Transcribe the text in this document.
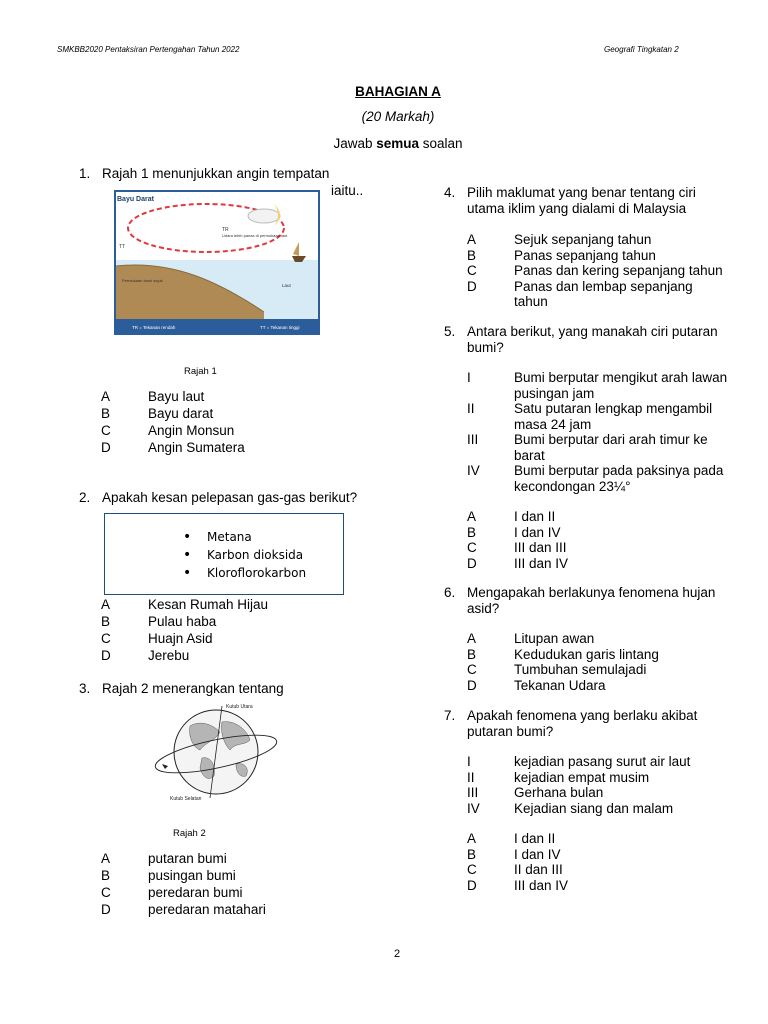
SMKBB2020 Pentaksiran Pertengahan Tahun 2022	Geografi Tingkatan 2
BAHAGIAN A
(20 Markah)
Jawab semua soalan
1. Rajah 1 menunjukkan angin tempatan
iaitu..
Bayu Darat
TR
Udara lebih panas di permukaan laut
TT
Permukaan bumi sejuk
Laut
TR = Tekanan rendah	TT = Tekanan tinggi
Rajah 1
A	Bayu laut
B	Bayu darat
C	Angin Monsun
D	Angin Sumatera
2. Apakah kesan pelepasan gas-gas berikut?
• Metana
• Karbon dioksida
• Kloroflorokarbon
A	Kesan Rumah Hijau
B	Pulau haba
C	Huajn Asid
D	Jerebu
3. Rajah 2 menerangkan tentang
Kutub Utara
Kutub Selatan
Rajah 2
A	putaran bumi
B	pusingan bumi
C	peredaran bumi
D	peredaran matahari
4. Pilih maklumat yang benar tentang ciri
utama iklim yang dialami di Malaysia
A	Sejuk sepanjang tahun
B	Panas sepanjang tahun
C	Panas dan kering sepanjang tahun
D	Panas dan lembap sepanjang
tahun
5. Antara berikut, yang manakah ciri putaran
bumi?
I	Bumi berputar mengikut arah lawan
pusingan jam
II	Satu putaran lengkap mengambil
masa 24 jam
III	Bumi berputar dari arah timur ke
barat
IV	Bumi berputar pada paksinya pada
kecondongan 23¼°
A	I dan II
B	I dan IV
C	III dan III
D	III dan IV
6. Mengapakah berlakunya fenomena hujan
asid?
A	Litupan awan
B	Kedudukan garis lintang
C	Tumbuhan semulajadi
D	Tekanan Udara
7. Apakah fenomena yang berlaku akibat
putaran bumi?
I	kejadian pasang surut air laut
II	kejadian empat musim
III	Gerhana bulan
IV	Kejadian siang dan malam
A	I dan II
B	I dan IV
C	II dan III
D	III dan IV
2
